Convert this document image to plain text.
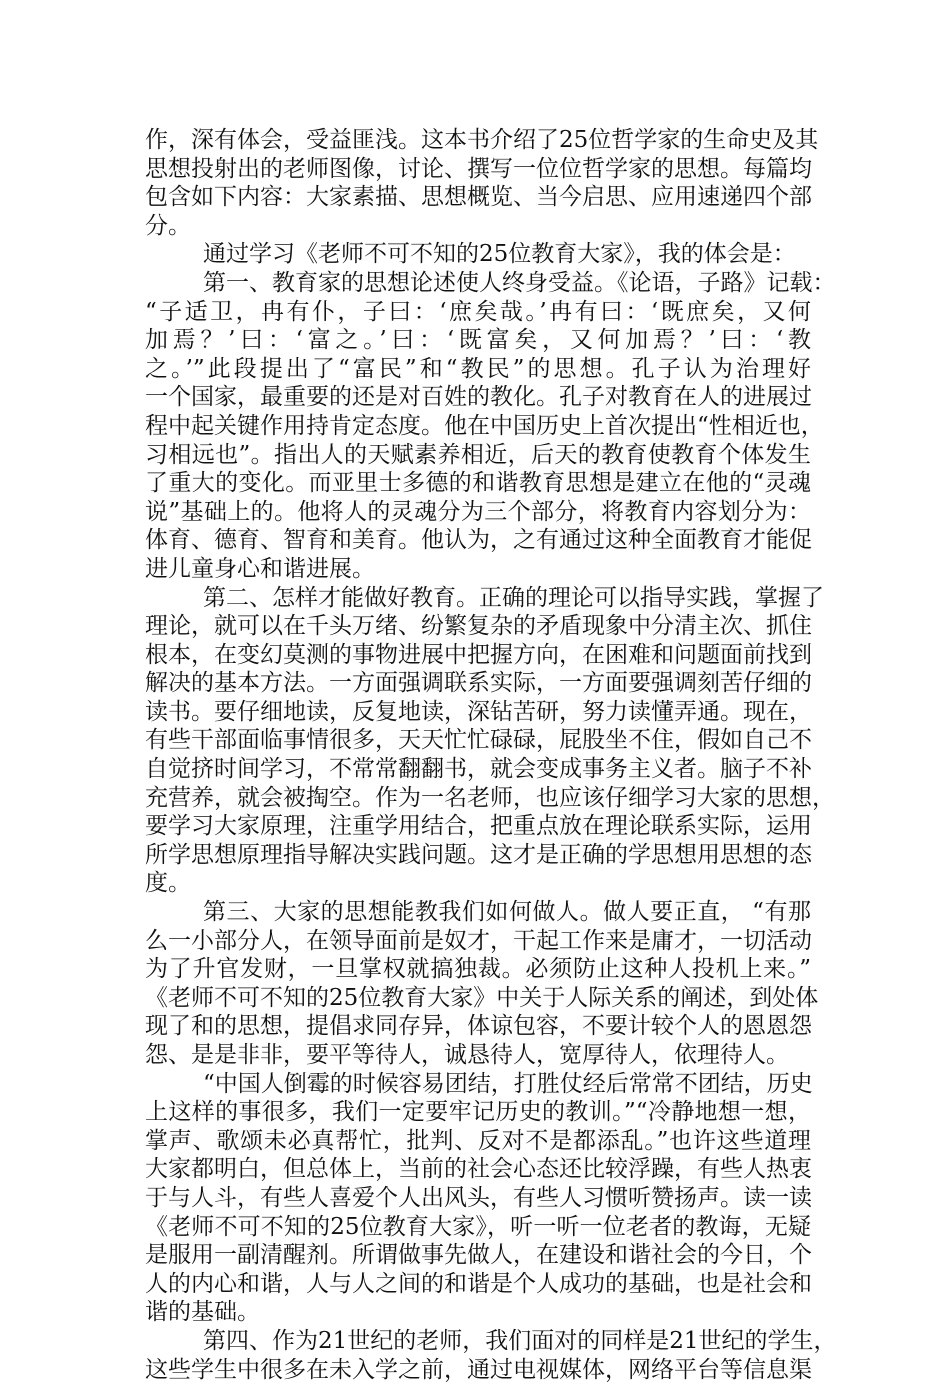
作，深有体会，受益匪浅。这本书介绍了25位哲学家的生命史及其
思想投射出的老师图像，讨论、撰写一位位哲学家的思想。每篇均
包含如下内容：大家素描、思想概览、当今启思、应用速递四个部
分。
通过学习《老师不可不知的25位教育大家》，我的体会是：
第一、教育家的思想论述使人终身受益。《论语，子路》记载：
“子适卫，冉有仆，子曰：‘庶矣哉。’冉有曰：‘既庶矣，又何
加焉？’曰：‘富之。’曰：‘既富矣，又何加焉？’曰：‘教
之。’”此段提出了“富民”和“教民”的思想。孔子认为治理好
一个国家，最重要的还是对百姓的教化。孔子对教育在人的进展过
程中起关键作用持肯定态度。他在中国历史上首次提出“性相近也，
习相远也”。指出人的天赋素养相近，后天的教育使教育个体发生
了重大的变化。而亚里士多德的和谐教育思想是建立在他的“灵魂
说”基础上的。他将人的灵魂分为三个部分，将教育内容划分为：
体育、德育、智育和美育。他认为，之有通过这种全面教育才能促
进儿童身心和谐进展。
第二、怎样才能做好教育。正确的理论可以指导实践，掌握了
理论，就可以在千头万绪、纷繁复杂的矛盾现象中分清主次、抓住
根本，在变幻莫测的事物进展中把握方向，在困难和问题面前找到
解决的基本方法。一方面强调联系实际，一方面要强调刻苦仔细的
读书。要仔细地读，反复地读，深钻苦研，努力读懂弄通。现在，
有些干部面临事情很多，天天忙忙碌碌，屁股坐不住，假如自己不
自觉挤时间学习，不常常翻翻书，就会变成事务主义者。脑子不补
充营养，就会被掏空。作为一名老师，也应该仔细学习大家的思想，
要学习大家原理，注重学用结合，把重点放在理论联系实际，运用
所学思想原理指导解决实践问题。这才是正确的学思想用思想的态
度。
第三、大家的思想能教我们如何做人。做人要正直， “有那
么一小部分人，在领导面前是奴才，干起工作来是庸才，一切活动
为了升官发财，一旦掌权就搞独裁。必须防止这种人投机上来。”
《老师不可不知的25位教育大家》中关于人际关系的阐述，到处体
现了和的思想，提倡求同存异，体谅包容，不要计较个人的恩恩怨
怨、是是非非，要平等待人，诚恳待人，宽厚待人，依理待人。
“中国人倒霉的时候容易团结，打胜仗经后常常不团结，历史
上这样的事很多，我们一定要牢记历史的教训。”“冷静地想一想，
掌声、歌颂未必真帮忙，批判、反对不是都添乱。”也许这些道理
大家都明白，但总体上，当前的社会心态还比较浮躁，有些人热衷
于与人斗，有些人喜爱个人出风头，有些人习惯听赞扬声。读一读
《老师不可不知的25位教育大家》，听一听一位老者的教诲，无疑
是服用一副清醒剂。所谓做事先做人，在建设和谐社会的今日，个
人的内心和谐，人与人之间的和谐是个人成功的基础，也是社会和
谐的基础。
第四、作为21世纪的老师，我们面对的同样是21世纪的学生，
这些学生中很多在未入学之前，通过电视媒体，网络平台等信息渠
